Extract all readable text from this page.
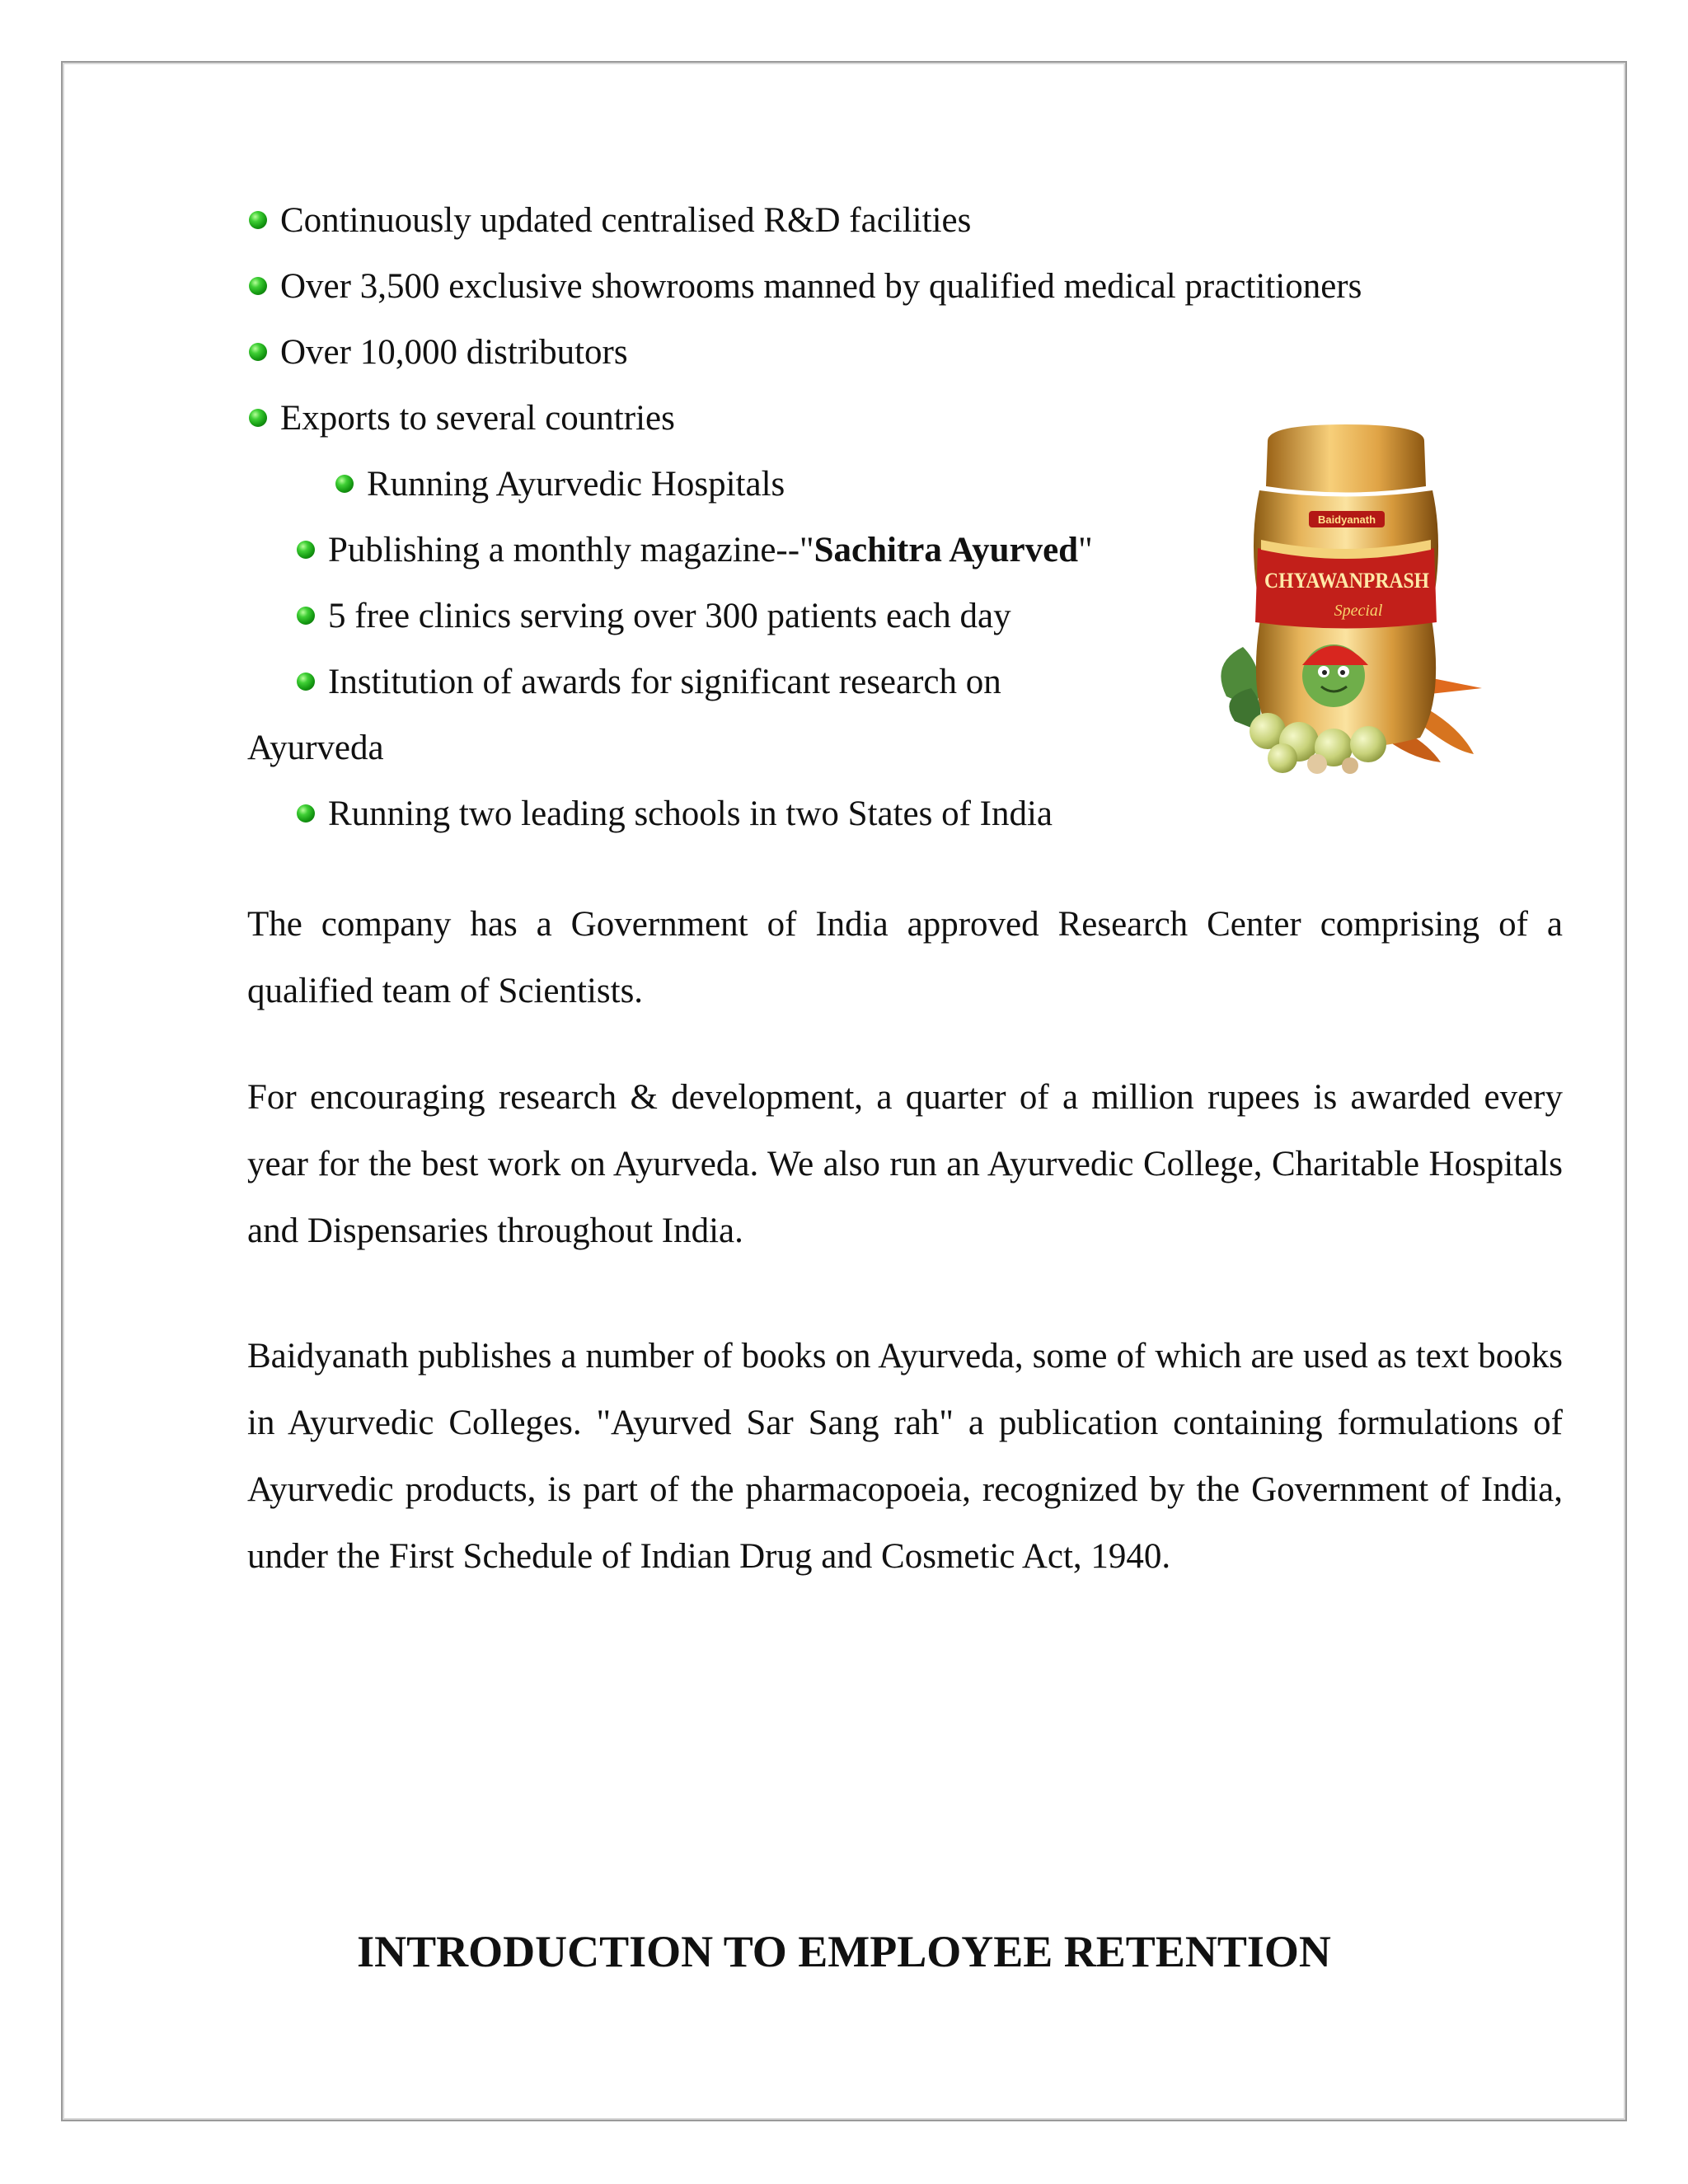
Continuously updated centralised R&D facilities
Over 3,500 exclusive showrooms manned by qualified medical practitioners
Over 10,000 distributors
Exports to several countries
Running Ayurvedic Hospitals
Publishing a monthly magazine--"Sachitra Ayurved"
5 free clinics serving over 300 patients each day
Institution of awards for significant research on
Ayurveda
Running two leading schools in two States of India
Baidyanath
CHYAWANPRASH
Special
The company has a Government of India approved Research Center comprising of a qualified team of Scientists.
For encouraging research & development, a quarter of a million rupees is awarded every year for the best work on Ayurveda. We also run an Ayurvedic College, Charitable Hospitals and Dispensaries throughout India.
Baidyanath publishes a number of books on Ayurveda, some of which are used as text books in Ayurvedic Colleges. "Ayurved Sar Sang rah" a publication containing formulations of Ayurvedic products, is part of the pharmacopoeia, recognized by the Government of India, under the First Schedule of Indian Drug and Cosmetic Act, 1940.
INTRODUCTION TO EMPLOYEE RETENTION
